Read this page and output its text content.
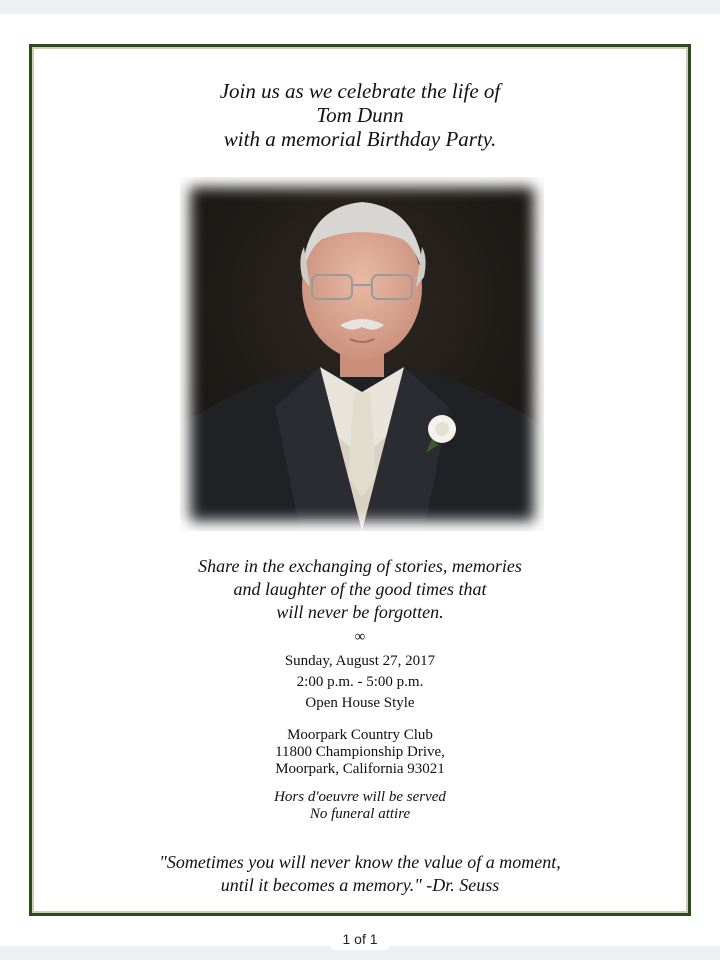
Join us as we celebrate the life of
Tom Dunn
with a memorial Birthday Party.
Share in the exchanging of stories, memories
and laughter of the good times that
will never be forgotten.
∞
Sunday, August 27, 2017
2:00 p.m. - 5:00 p.m.
Open House Style
Moorpark Country Club
11800 Championship Drive,
Moorpark, California 93021
Hors d'oeuvre will be served
No funeral attire
"Sometimes you will never know the value of a moment,
until it becomes a memory." -Dr. Seuss
1 of 1
